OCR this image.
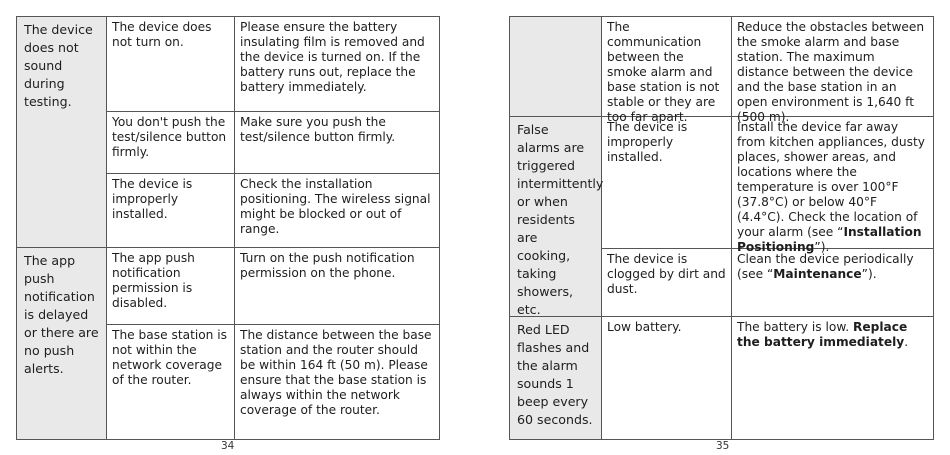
The device does not sound during testing.
The device does not turn on.
Please ensure the battery insulating film is removed and the device is turned on. If the battery runs out, replace the battery immediately.
You don't push the test/silence button firmly.
Make sure you push the test/silence button firmly.
The device is improperly installed.
Check the installation positioning. The wireless signal might be blocked or out of range.
The app push notification is delayed or there are no push alerts.
The app push notification permission is disabled.
Turn on the push notification permission on the phone.
The base station is not within the network coverage of the router.
The distance between the base station and the router should be within 164 ft (50 m). Please ensure that the base station is always within the network coverage of the router.
34
The communication between the smoke alarm and base station is not stable or they are too far apart.
Reduce the obstacles between the smoke alarm and base station. The maximum distance between the device and the base station in an open environment is 1,640 ft (500 m).
False alarms are triggered intermittently or when residents are cooking, taking showers, etc.
The device is improperly installed.
Install the device far away from kitchen appliances, dusty places, shower areas, and locations where the temperature is over 100°F (37.8°C) or below 40°F (4.4°C). Check the location of your alarm (see “Installation Positioning”).
The device is clogged by dirt and dust.
Clean the device periodically (see “Maintenance”).
Red LED flashes and the alarm sounds 1 beep every 60 seconds.
Low battery.	The battery is low. Replace the battery immediately.
35
